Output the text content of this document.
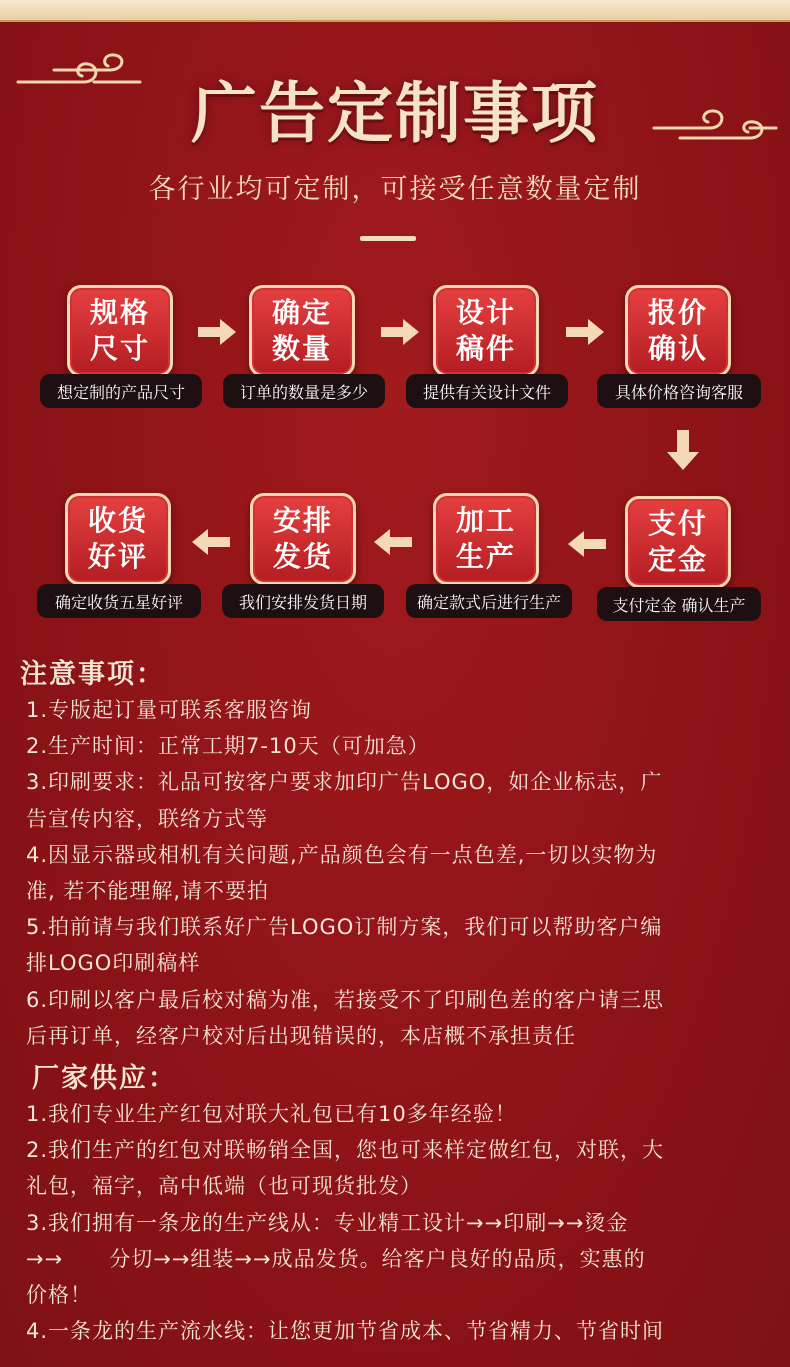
广告定制事项
各行业均可定制，可接受任意数量定制
规格
尺寸
想定制的产品尺寸
确定
数量
订单的数量是多少
设计
稿件
提供有关设计文件
报价
确认
具体价格咨询客服
支付
定金
支付定金 确认生产
加工
生产
确定款式后进行生产
安排
发货
我们安排发货日期
收货
好评
确定收货五星好评
注意事项：
1.专版起订量可联系客服咨询
2.生产时间：正常工期7-10天（可加急）
3.印刷要求：礼品可按客户要求加印广告LOGO，如企业标志，广
告宣传内容，联络方式等
4.因显示器或相机有关问题,产品颜色会有一点色差,一切以实物为
准, 若不能理解,请不要拍
5.拍前请与我们联系好广告LOGO订制方案，我们可以帮助客户编
排LOGO印刷稿样
6.印刷以客户最后校对稿为准，若接受不了印刷色差的客户请三思
后再订单，经客户校对后出现错误的，本店概不承担责任
厂家供应：
1.我们专业生产红包对联大礼包已有10多年经验！
2.我们生产的红包对联畅销全国，您也可来样定做红包，对联，大
礼包，福字，高中低端（也可现货批发）
3.我们拥有一条龙的生产线从：专业精工设计→→印刷→→烫金
→→      分切→→组装→→成品发货。给客户良好的品质，实惠的
价格！
4.一条龙的生产流水线：让您更加节省成本、节省精力、节省时间
